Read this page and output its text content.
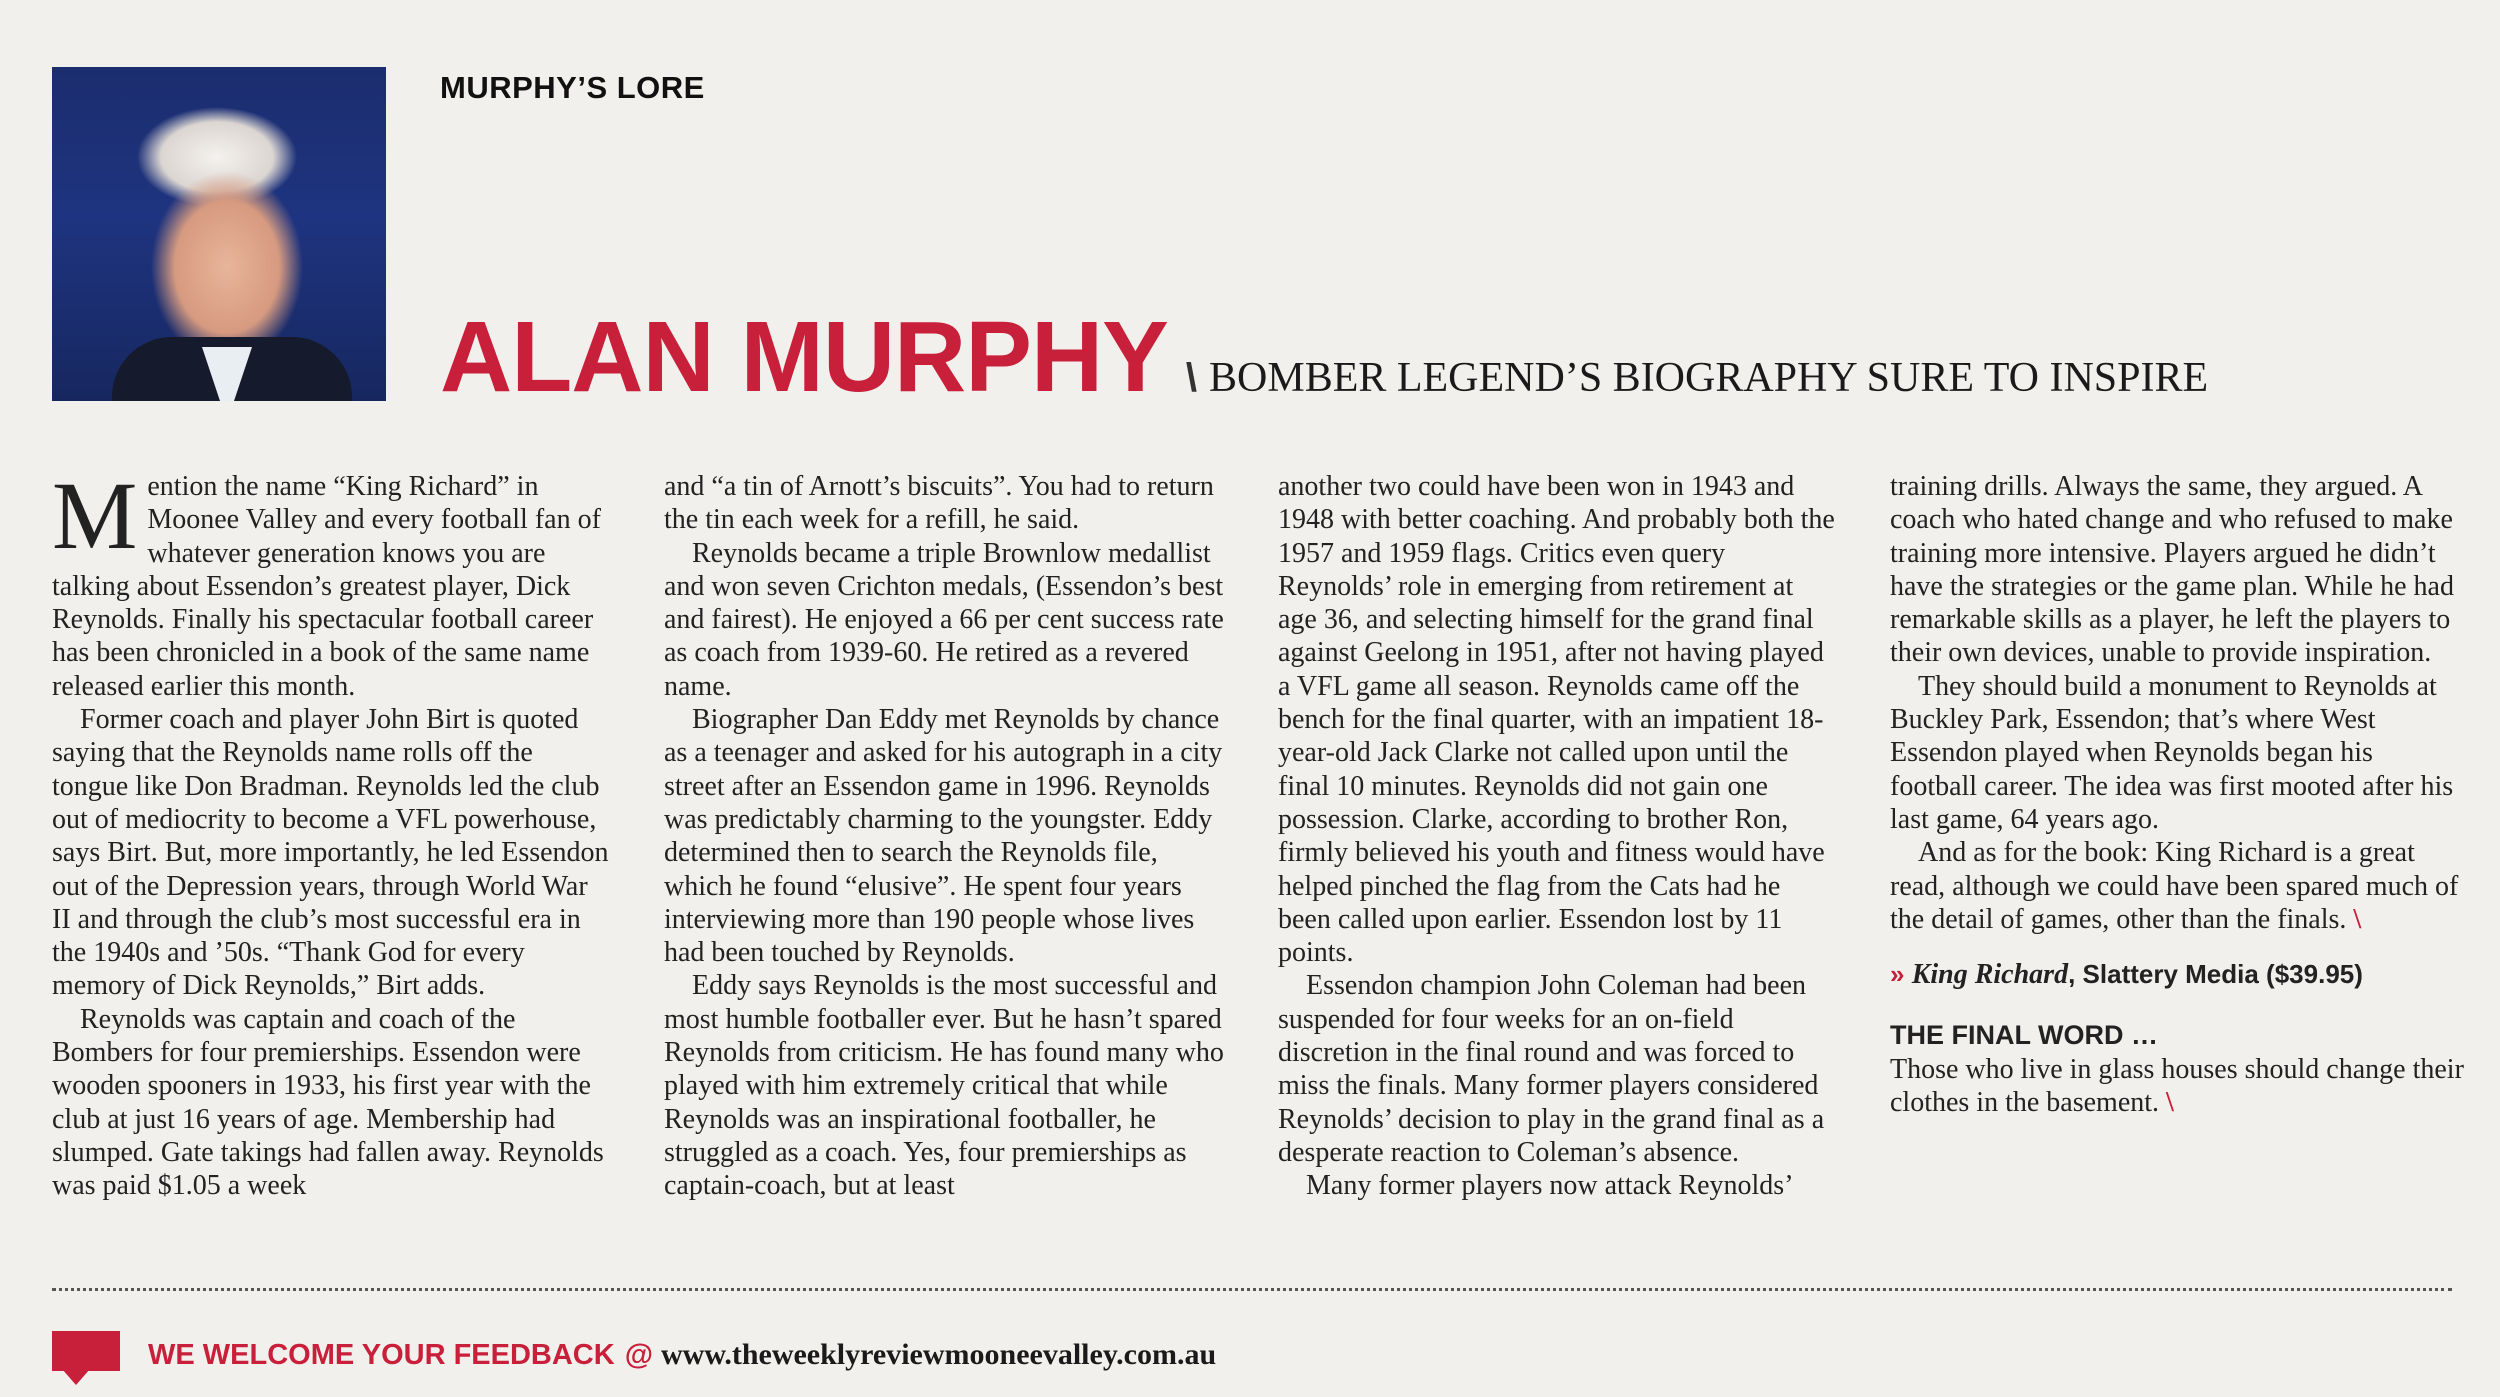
MURPHY’S LORE
ALAN MURPHY \ BOMBER LEGEND’S BIOGRAPHY SURE TO INSPIRE

Mention the name “King Richard” in Moonee Valley and every football fan of whatever generation knows you are talking about Essendon’s greatest player, Dick Reynolds. Finally his spectacular football career has been chronicled in a book of the same name released earlier this month.

Former coach and player John Birt is quoted saying that the Reynolds name rolls off the tongue like Don Bradman. Reynolds led the club out of mediocrity to become a VFL powerhouse, says Birt. But, more importantly, he led Essendon out of the Depression years, through World War II and through the club’s most successful era in the 1940s and ’50s. “Thank God for every memory of Dick Reynolds,” Birt adds.

Reynolds was captain and coach of the Bombers for four premierships. Essendon were wooden spooners in 1933, his first year with the club at just 16 years of age. Membership had slumped. Gate takings had fallen away. Reynolds was paid $1.05 a week

and “a tin of Arnott’s biscuits”. You had to return the tin each week for a refill, he said.

Reynolds became a triple Brownlow medallist and won seven Crichton medals, (Essendon’s best and fairest). He enjoyed a 66 per cent success rate as coach from 1939-60. He retired as a revered name.

Biographer Dan Eddy met Reynolds by chance as a teenager and asked for his autograph in a city street after an Essendon game in 1996. Reynolds was predictably charming to the youngster. Eddy determined then to search the Reynolds file, which he found “elusive”. He spent four years interviewing more than 190 people whose lives had been touched by Reynolds.

Eddy says Reynolds is the most successful and most humble footballer ever. But he hasn’t spared Reynolds from criticism. He has found many who played with him extremely critical that while Reynolds was an inspirational footballer, he struggled as a coach. Yes, four premierships as captain-coach, but at least

another two could have been won in 1943 and 1948 with better coaching. And probably both the 1957 and 1959 flags. Critics even query Reynolds’ role in emerging from retirement at age 36, and selecting himself for the grand final against Geelong in 1951, after not having played a VFL game all season. Reynolds came off the bench for the final quarter, with an impatient 18-year-old Jack Clarke not called upon until the final 10 minutes. Reynolds did not gain one possession. Clarke, according to brother Ron, firmly believed his youth and fitness would have helped pinched the flag from the Cats had he been called upon earlier. Essendon lost by 11 points.

Essendon champion John Coleman had been suspended for four weeks for an on-field discretion in the final round and was forced to miss the finals. Many former players considered Reynolds’ decision to play in the grand final as a desperate reaction to Coleman’s absence.

Many former players now attack Reynolds’

training drills. Always the same, they argued. A coach who hated change and who refused to make training more intensive. Players argued he didn’t have the strategies or the game plan. While he had remarkable skills as a player, he left the players to their own devices, unable to provide inspiration.

They should build a monument to Reynolds at Buckley Park, Essendon; that’s where West Essendon played when Reynolds began his football career. The idea was first mooted after his last game, 64 years ago.

And as for the book: King Richard is a great read, although we could have been spared much of the detail of games, other than the finals. \

» King Richard, Slattery Media ($39.95)
THE FINAL WORD …

Those who live in glass houses should change their clothes in the basement. \

WE WELCOME YOUR FEEDBACK @ www.theweeklyreviewmooneevalley.com.au
